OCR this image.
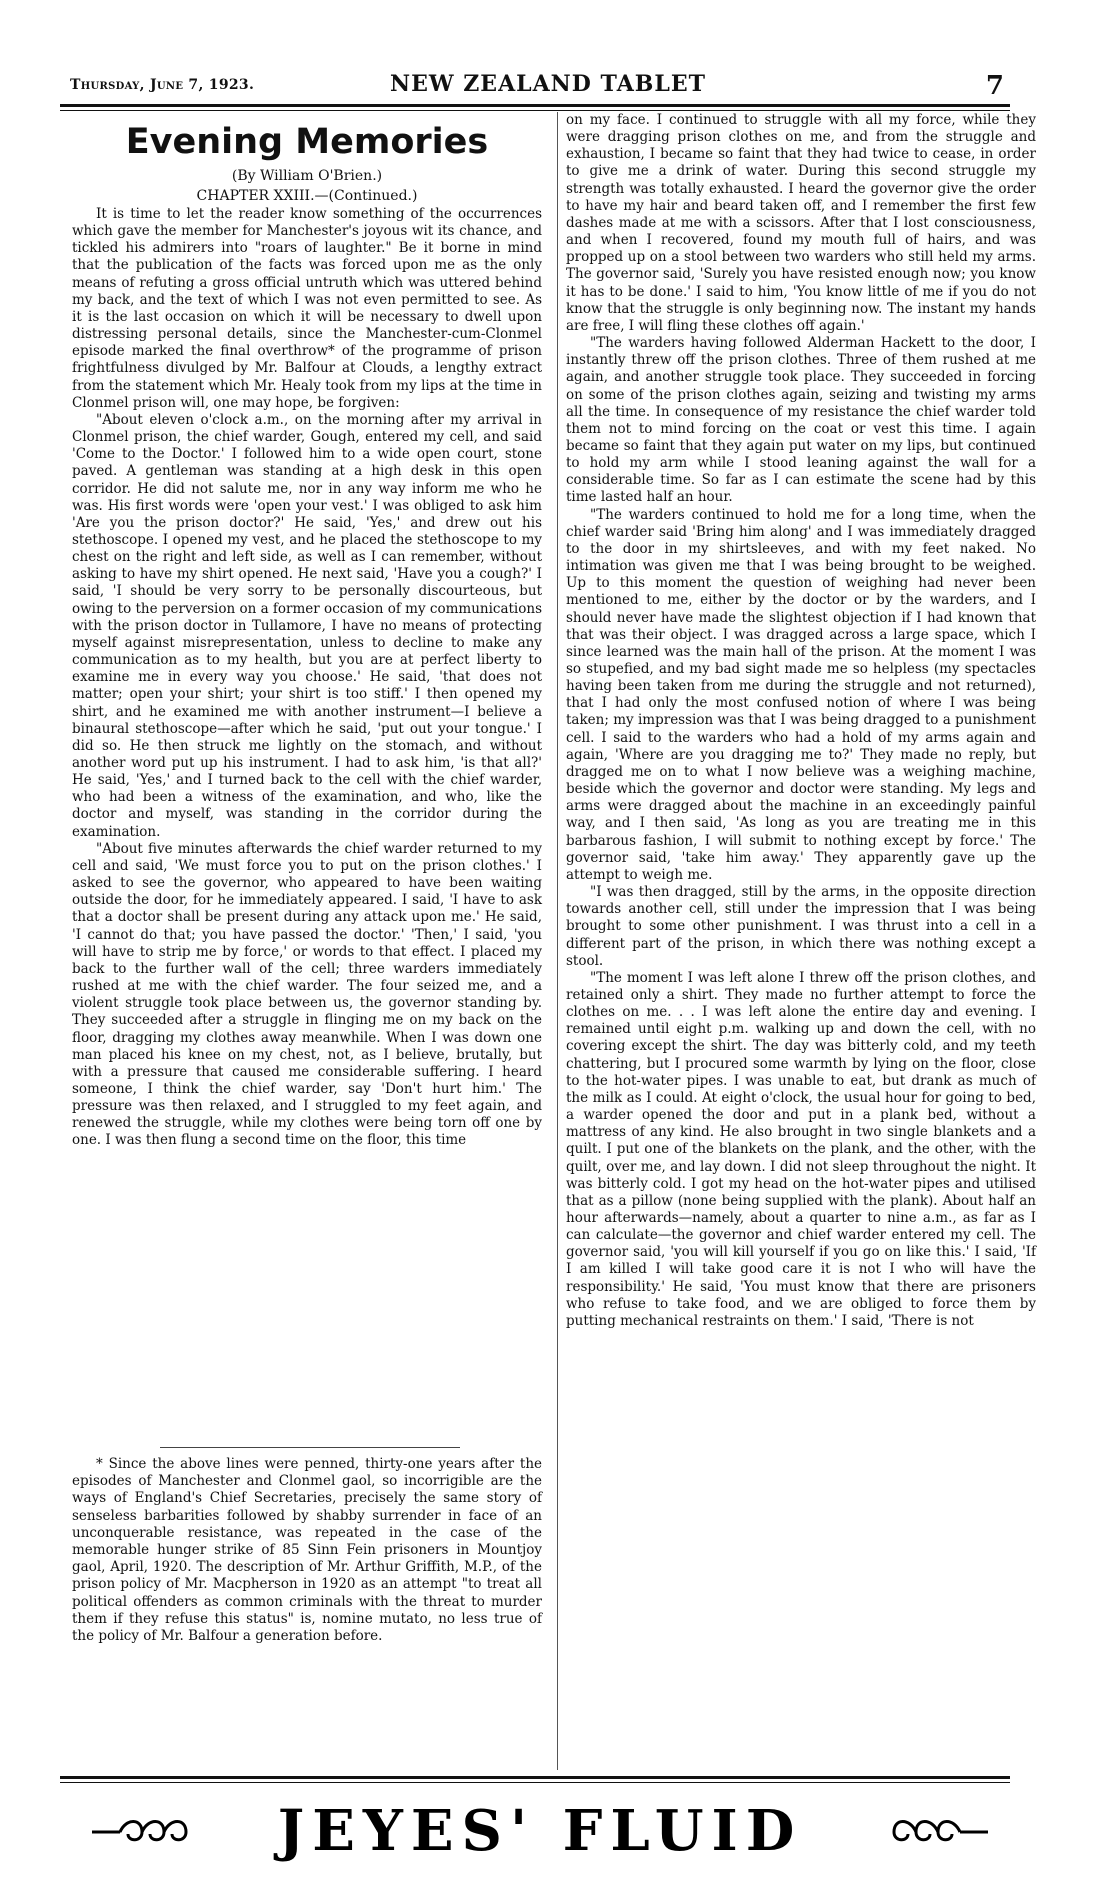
Thursday, June 7, 1923.	NEW ZEALAND TABLET	7
Evening Memories

(By William O'Brien.)

CHAPTER XXIII.—(Continued.)

It is time to let the reader know something of the occurrences which gave the member for Manchester's joyous wit its chance, and tickled his admirers into "roars of laughter." Be it borne in mind that the publication of the facts was forced upon me as the only means of refuting a gross official untruth which was uttered behind my back, and the text of which I was not even permitted to see. As it is the last occasion on which it will be necessary to dwell upon distressing personal details, since the Manchester-cum-Clonmel episode marked the final overthrow* of the programme of prison frightfulness divulged by Mr. Balfour at Clouds, a lengthy extract from the statement which Mr. Healy took from my lips at the time in Clonmel prison will, one may hope, be forgiven:

"About eleven o'clock a.m., on the morning after my arrival in Clonmel prison, the chief warder, Gough, entered my cell, and said 'Come to the Doctor.' I followed him to a wide open court, stone paved. A gentleman was standing at a high desk in this open corridor. He did not salute me, nor in any way inform me who he was. His first words were 'open your vest.' I was obliged to ask him 'Are you the prison doctor?' He said, 'Yes,' and drew out his stethoscope. I opened my vest, and he placed the stethoscope to my chest on the right and left side, as well as I can remember, without asking to have my shirt opened. He next said, 'Have you a cough?' I said, 'I should be very sorry to be personally discourteous, but owing to the perversion on a former occasion of my communications with the prison doctor in Tullamore, I have no means of protecting myself against misrepresentation, unless to decline to make any communication as to my health, but you are at perfect liberty to examine me in every way you choose.' He said, 'that does not matter; open your shirt; your shirt is too stiff.' I then opened my shirt, and he examined me with another instrument—I believe a binaural stethoscope—after which he said, 'put out your tongue.' I did so. He then struck me lightly on the stomach, and without another word put up his instrument. I had to ask him, 'is that all?' He said, 'Yes,' and I turned back to the cell with the chief warder, who had been a witness of the examination, and who, like the doctor and myself, was standing in the corridor during the examination.

"About five minutes afterwards the chief warder returned to my cell and said, 'We must force you to put on the prison clothes.' I asked to see the governor, who appeared to have been waiting outside the door, for he immediately appeared. I said, 'I have to ask that a doctor shall be present during any attack upon me.' He said, 'I cannot do that; you have passed the doctor.' 'Then,' I said, 'you will have to strip me by force,' or words to that effect. I placed my back to the further wall of the cell; three warders immediately rushed at me with the chief warder. The four seized me, and a violent struggle took place between us, the governor standing by. They succeeded after a struggle in flinging me on my back on the floor, dragging my clothes away meanwhile. When I was down one man placed his knee on my chest, not, as I believe, brutally, but with a pressure that caused me considerable suffering. I heard someone, I think the chief warder, say 'Don't hurt him.' The pressure was then relaxed, and I struggled to my feet again, and renewed the struggle, while my clothes were being torn off one by one. I was then flung a second time on the floor, this time

* Since the above lines were penned, thirty-one years after the episodes of Manchester and Clonmel gaol, so incorrigible are the ways of England's Chief Secretaries, precisely the same story of senseless barbarities followed by shabby surrender in face of an unconquerable resistance, was repeated in the case of the memorable hunger strike of 85 Sinn Fein prisoners in Mountjoy gaol, April, 1920. The description of Mr. Arthur Griffith, M.P., of the prison policy of Mr. Macpherson in 1920 as an attempt "to treat all political offenders as common criminals with the threat to murder them if they refuse this status" is, nomine mutato, no less true of the policy of Mr. Balfour a generation before.

on my face. I continued to struggle with all my force, while they were dragging prison clothes on me, and from the struggle and exhaustion, I became so faint that they had twice to cease, in order to give me a drink of water. During this second struggle my strength was totally exhausted. I heard the governor give the order to have my hair and beard taken off, and I remember the first few dashes made at me with a scissors. After that I lost consciousness, and when I recovered, found my mouth full of hairs, and was propped up on a stool between two warders who still held my arms. The governor said, 'Surely you have resisted enough now; you know it has to be done.' I said to him, 'You know little of me if you do not know that the struggle is only beginning now. The instant my hands are free, I will fling these clothes off again.'

"The warders having followed Alderman Hackett to the door, I instantly threw off the prison clothes. Three of them rushed at me again, and another struggle took place. They succeeded in forcing on some of the prison clothes again, seizing and twisting my arms all the time. In consequence of my resistance the chief warder told them not to mind forcing on the coat or vest this time. I again became so faint that they again put water on my lips, but continued to hold my arm while I stood leaning against the wall for a considerable time. So far as I can estimate the scene had by this time lasted half an hour.

"The warders continued to hold me for a long time, when the chief warder said 'Bring him along' and I was immediately dragged to the door in my shirtsleeves, and with my feet naked. No intimation was given me that I was being brought to be weighed. Up to this moment the question of weighing had never been mentioned to me, either by the doctor or by the warders, and I should never have made the slightest objection if I had known that that was their object. I was dragged across a large space, which I since learned was the main hall of the prison. At the moment I was so stupefied, and my bad sight made me so helpless (my spectacles having been taken from me during the struggle and not returned), that I had only the most confused notion of where I was being taken; my impression was that I was being dragged to a punishment cell. I said to the warders who had a hold of my arms again and again, 'Where are you dragging me to?' They made no reply, but dragged me on to what I now believe was a weighing machine, beside which the governor and doctor were standing. My legs and arms were dragged about the machine in an exceedingly painful way, and I then said, 'As long as you are treating me in this barbarous fashion, I will submit to nothing except by force.' The governor said, 'take him away.' They apparently gave up the attempt to weigh me.

"I was then dragged, still by the arms, in the opposite direction towards another cell, still under the impression that I was being brought to some other punishment. I was thrust into a cell in a different part of the prison, in which there was nothing except a stool.

"The moment I was left alone I threw off the prison clothes, and retained only a shirt. They made no further attempt to force the clothes on me. . . I was left alone the entire day and evening. I remained until eight p.m. walking up and down the cell, with no covering except the shirt. The day was bitterly cold, and my teeth chattering, but I procured some warmth by lying on the floor, close to the hot-water pipes. I was unable to eat, but drank as much of the milk as I could. At eight o'clock, the usual hour for going to bed, a warder opened the door and put in a plank bed, without a mattress of any kind. He also brought in two single blankets and a quilt. I put one of the blankets on the plank, and the other, with the quilt, over me, and lay down. I did not sleep throughout the night. It was bitterly cold. I got my head on the hot-water pipes and utilised that as a pillow (none being supplied with the plank). About half an hour afterwards—namely, about a quarter to nine a.m., as far as I can calculate—the governor and chief warder entered my cell. The governor said, 'you will kill yourself if you go on like this.' I said, 'If I am killed I will take good care it is not I who will have the responsibility.' He said, 'You must know that there are prisoners who refuse to take food, and we are obliged to force them by putting mechanical restraints on them.' I said, 'There is not

JEYES' FLUID
